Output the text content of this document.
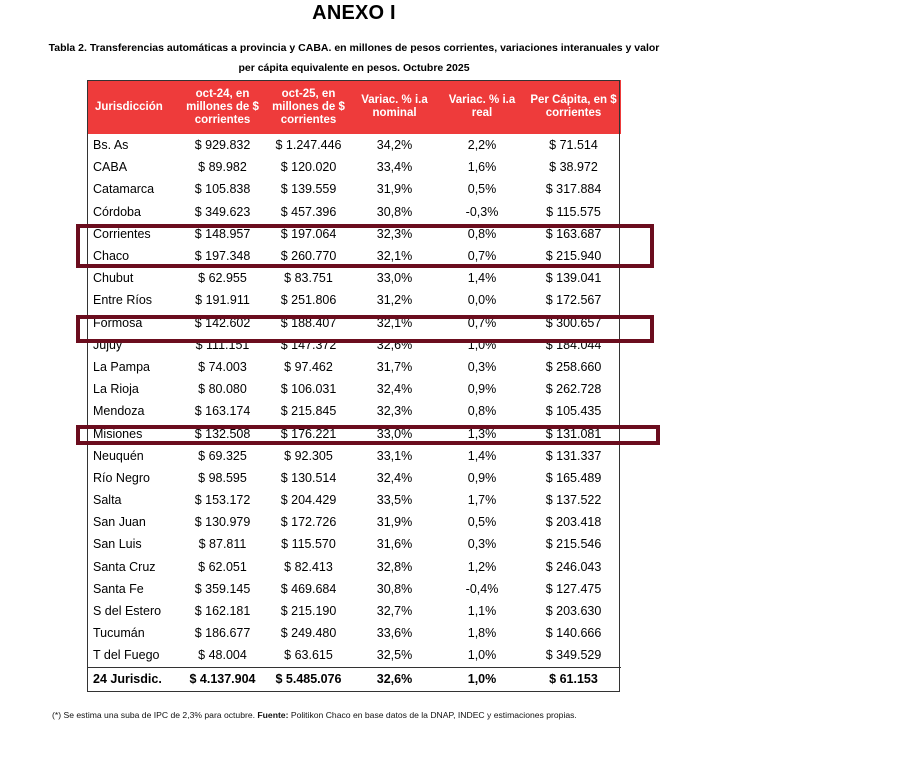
ANEXO I
Tabla 2. Transferencias automáticas a provincia y CABA. en millones de pesos corrientes, variaciones interanuales y valor
per cápita equivalente en pesos. Octubre 2025
Jurisdicción	oct-24, en millones de $ corrientes	oct-25, en millones de $ corrientes	Variac. % i.a nominal	Variac. % i.a real	Per Cápita, en $ corrientes
Bs. As	$ 929.832	$ 1.247.446	34,2%	2,2%	$ 71.514
CABA	$ 89.982	$ 120.020	33,4%	1,6%	$ 38.972
Catamarca	$ 105.838	$ 139.559	31,9%	0,5%	$ 317.884
Córdoba	$ 349.623	$ 457.396	30,8%	-0,3%	$ 115.575
Corrientes	$ 148.957	$ 197.064	32,3%	0,8%	$ 163.687
Chaco	$ 197.348	$ 260.770	32,1%	0,7%	$ 215.940
Chubut	$ 62.955	$ 83.751	33,0%	1,4%	$ 139.041
Entre Ríos	$ 191.911	$ 251.806	31,2%	0,0%	$ 172.567
Formosa	$ 142.602	$ 188.407	32,1%	0,7%	$ 300.657
Jujuy	$ 111.151	$ 147.372	32,6%	1,0%	$ 184.044
La Pampa	$ 74.003	$ 97.462	31,7%	0,3%	$ 258.660
La Rioja	$ 80.080	$ 106.031	32,4%	0,9%	$ 262.728
Mendoza	$ 163.174	$ 215.845	32,3%	0,8%	$ 105.435
Misiones	$ 132.508	$ 176.221	33,0%	1,3%	$ 131.081
Neuquén	$ 69.325	$ 92.305	33,1%	1,4%	$ 131.337
Río Negro	$ 98.595	$ 130.514	32,4%	0,9%	$ 165.489
Salta	$ 153.172	$ 204.429	33,5%	1,7%	$ 137.522
San Juan	$ 130.979	$ 172.726	31,9%	0,5%	$ 203.418
San Luis	$ 87.811	$ 115.570	31,6%	0,3%	$ 215.546
Santa Cruz	$ 62.051	$ 82.413	32,8%	1,2%	$ 246.043
Santa Fe	$ 359.145	$ 469.684	30,8%	-0,4%	$ 127.475
S del Estero	$ 162.181	$ 215.190	32,7%	1,1%	$ 203.630
Tucumán	$ 186.677	$ 249.480	33,6%	1,8%	$ 140.666
T del Fuego	$ 48.004	$ 63.615	32,5%	1,0%	$ 349.529
24 Jurisdic.	$ 4.137.904	$ 5.485.076	32,6%	1,0%	$ 61.153
(*) Se estima una suba de IPC de 2,3% para octubre. Fuente: Politikon Chaco en base datos de la DNAP, INDEC y estimaciones propias.
